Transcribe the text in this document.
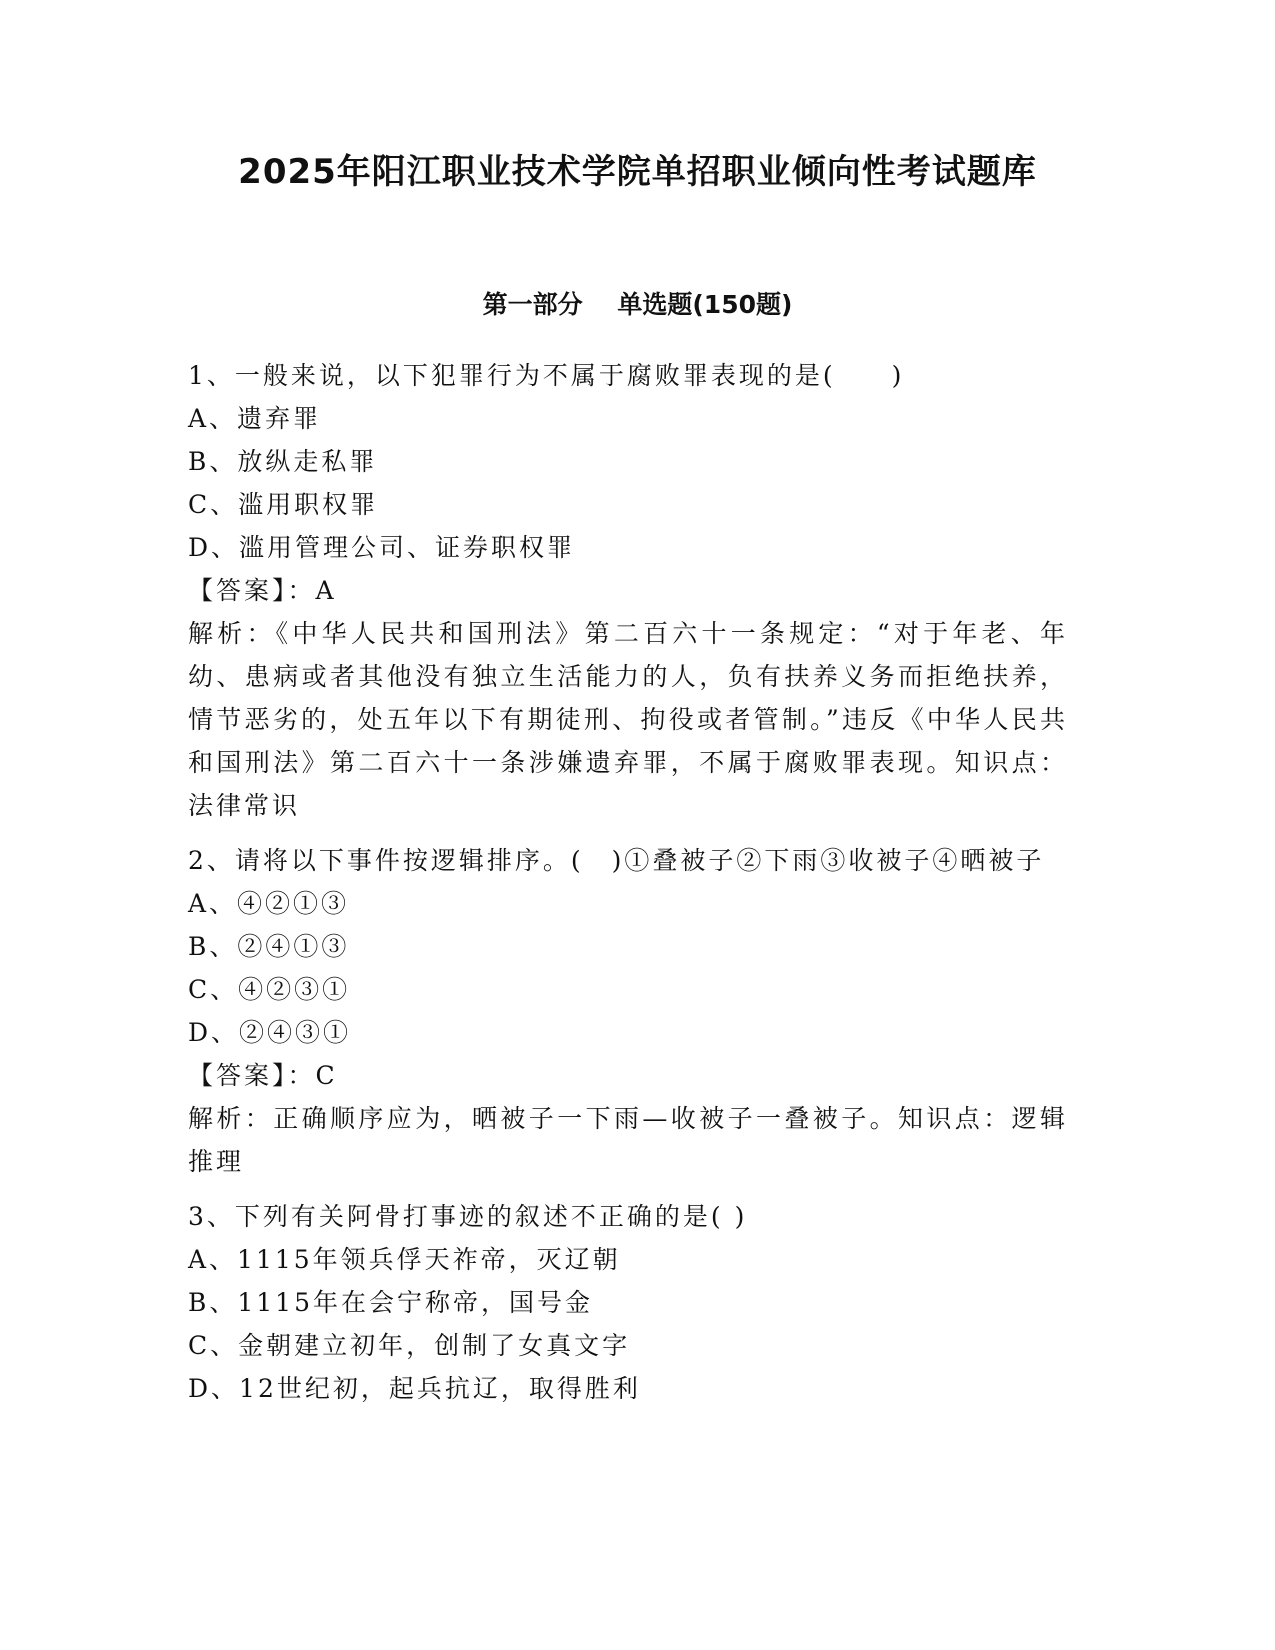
2025年阳江职业技术学院单招职业倾向性考试题库
第一部分    单选题(150题)
1、一般来说，以下犯罪行为不属于腐败罪表现的是(　　)
A、遗弃罪
B、放纵走私罪
C、滥用职权罪
D、滥用管理公司、证券职权罪
【答案】：A
解析：《中华人民共和国刑法》第二百六十一条规定：“对于年老、年幼、患病或者其他没有独立生活能力的人，负有扶养义务而拒绝扶养，情节恶劣的，处五年以下有期徒刑、拘役或者管制。”违反《中华人民共和国刑法》第二百六十一条涉嫌遗弃罪，不属于腐败罪表现。知识点：法律常识
2、请将以下事件按逻辑排序。(　)①叠被子②下雨③收被子④晒被子
A、④②①③
B、②④①③
C、④②③①
D、②④③①
【答案】：C
解析：正确顺序应为，晒被子一下雨—收被子一叠被子。知识点：逻辑推理
3、下列有关阿骨打事迹的叙述不正确的是( )
A、1115年领兵俘天祚帝，灭辽朝
B、1115年在会宁称帝，国号金
C、金朝建立初年，创制了女真文字
D、12世纪初，起兵抗辽，取得胜利
